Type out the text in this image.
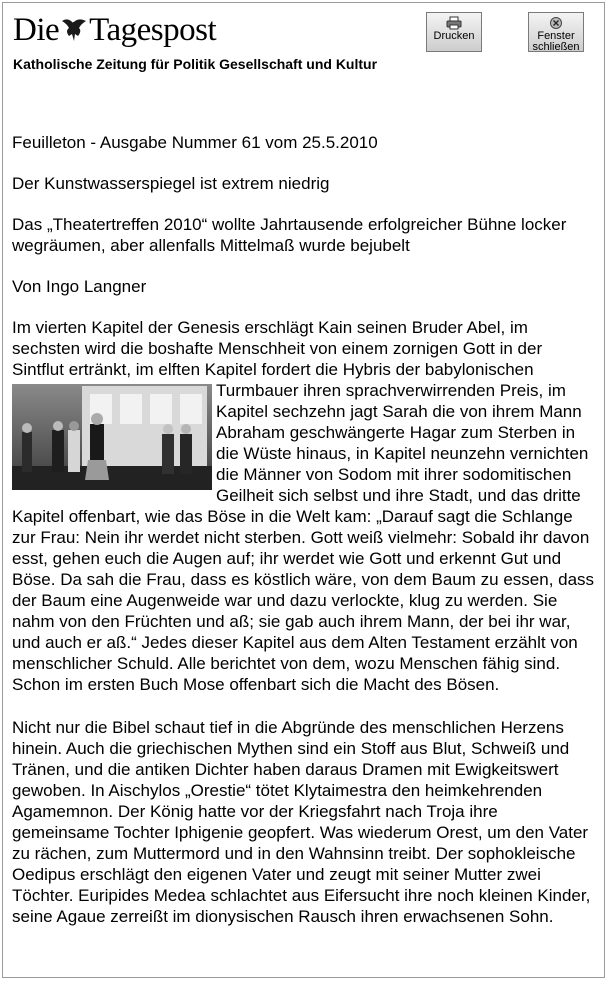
Die Tagespost
Katholische Zeitung für Politik Gesellschaft und Kultur
Drucken	Fenster
schließen

Feuilleton - Ausgabe Nummer 61 vom 25.5.2010

Der Kunstwasserspiegel ist extrem niedrig

Das „Theatertreffen 2010“ wollte Jahrtausende erfolgreicher Bühne locker wegräumen, aber allenfalls Mittelmaß wurde bejubelt

Von Ingo Langner

Im vierten Kapitel der Genesis erschlägt Kain seinen Bruder Abel, im sechsten wird die boshafte Menschheit von einem zornigen Gott in der Sintflut ertränkt, im elften Kapitel fordert die Hybris der babylonischen
Turmbauer ihren sprachverwirrenden Preis, im Kapitel sechzehn jagt Sarah die von ihrem Mann Abraham geschwängerte Hagar zum Sterben in die Wüste hinaus, in Kapitel neunzehn vernichten die Männer von Sodom mit ihrer sodomitischen Geilheit sich selbst und ihre Stadt, und das dritte Kapitel offenbart, wie das Böse in die Welt kam: „Darauf sagt die Schlange zur Frau: Nein ihr werdet nicht sterben. Gott weiß vielmehr: Sobald ihr davon esst, gehen euch die Augen auf; ihr werdet wie Gott und erkennt Gut und Böse. Da sah die Frau, dass es köstlich wäre, von dem Baum zu essen, dass der Baum eine Augenweide war und dazu verlockte, klug zu werden. Sie nahm von den Früchten und aß; sie gab auch ihrem Mann, der bei ihr war, und auch er aß.“ Jedes dieser Kapitel aus dem Alten Testament erzählt von menschlicher Schuld. Alle berichtet von dem, wozu Menschen fähig sind. Schon im ersten Buch Mose offenbart sich die Macht des Bösen.

Nicht nur die Bibel schaut tief in die Abgründe des menschlichen Herzens hinein. Auch die griechischen Mythen sind ein Stoff aus Blut, Schweiß und Tränen, und die antiken Dichter haben daraus Dramen mit Ewigkeitswert gewoben. In Aischylos „Orestie“ tötet Klytaimestra den heimkehrenden Agamemnon. Der König hatte vor der Kriegsfahrt nach Troja ihre gemeinsame Tochter Iphigenie geopfert. Was wiederum Orest, um den Vater zu rächen, zum Muttermord und in den Wahnsinn treibt. Der sophokleische Oedipus erschlägt den eigenen Vater und zeugt mit seiner Mutter zwei Töchter. Euripides Medea schlachtet aus Eifersucht ihre noch kleinen Kinder, seine Agaue zerreißt im dionysischen Rausch ihren erwachsenen Sohn.
